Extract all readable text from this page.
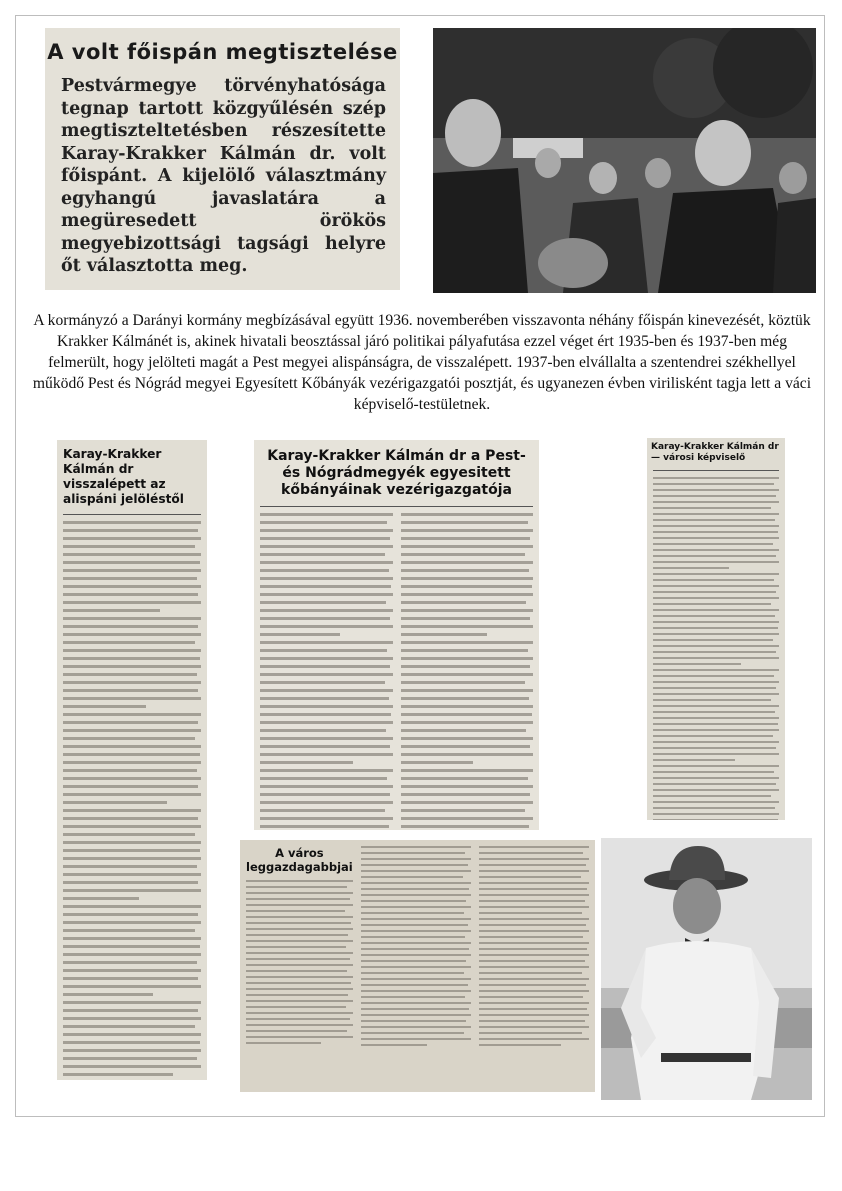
A volt főispán megtisztelése
Pestvármegye törvényhatósága tegnap tartott közgyűlésén szép megtiszteltetésben részesítette Karay-Krakker Kálmán dr. volt főispánt. A kijelölő választmány egyhangú javaslatára a megüresedett örökös megyebizottsági tagsági helyre őt választotta meg.
A kormányzó a Darányi kormány megbízásával együtt 1936. novemberében visszavonta néhány főispán kinevezését, köztük Krakker Kálmánét is, akinek hivatali beosztással járó politikai pályafutása ezzel véget ért 1935-ben és 1937-ben még felmerült, hogy jelölteti magát a Pest megyei alispánságra, de visszalépett. 1937-ben elvállalta a szentendrei székhellyel működő Pest és Nógrád megyei Egyesített Kőbányák vezérigazgatói posztját, és ugyanezen évben virilisként tagja lett a váci képviselő-testületnek.
Karay-Krakker Kálmán dr visszalépett az alispáni jelöléstől
Karay-Krakker Kálmán dr a Pest- és Nógrádmegyék egyesitett kőbányáinak vezérigazgatója
Karay-Krakker Kálmán dr — városi képviselő
A város leggazdagabbjai
